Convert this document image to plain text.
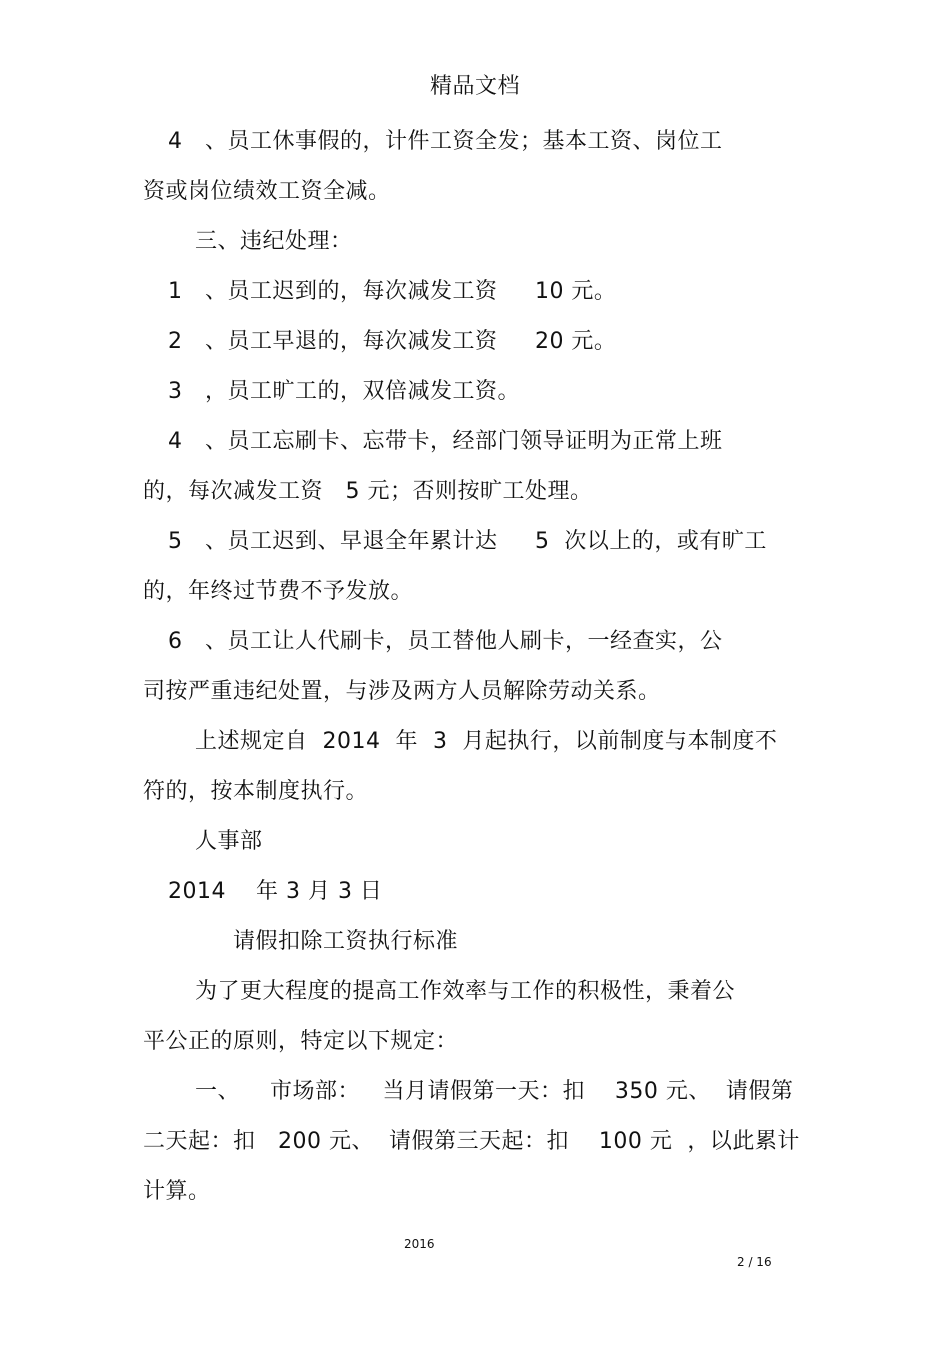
精品文档
4   、员工休事假的，计件工资全发；基本工资、岗位工
资或岗位绩效工资全减。
三、违纪处理：
1   、员工迟到的，每次减发工资     10 元。
2   、员工早退的，每次减发工资     20 元。
3   ，员工旷工的，双倍减发工资。
4   、员工忘刷卡、忘带卡，经部门领导证明为正常上班
的，每次减发工资   5 元；否则按旷工处理。
5   、员工迟到、早退全年累计达     5  次以上的，或有旷工
的，年终过节费不予发放。
6   、员工让人代刷卡，员工替他人刷卡，一经查实，公
司按严重违纪处置，与涉及两方人员解除劳动关系。
上述规定自  2014  年  3  月起执行，以前制度与本制度不
符的，按本制度执行。
人事部
2014    年 3 月 3 日
请假扣除工资执行标准
为了更大程度的提高工作效率与工作的积极性，秉着公
平公正的原则，特定以下规定：
一、    市场部：   当月请假第一天：扣    350 元、  请假第
二天起：扣   200 元、  请假第三天起：扣    100 元  ，以此累计
计算。
2016
2 / 16
